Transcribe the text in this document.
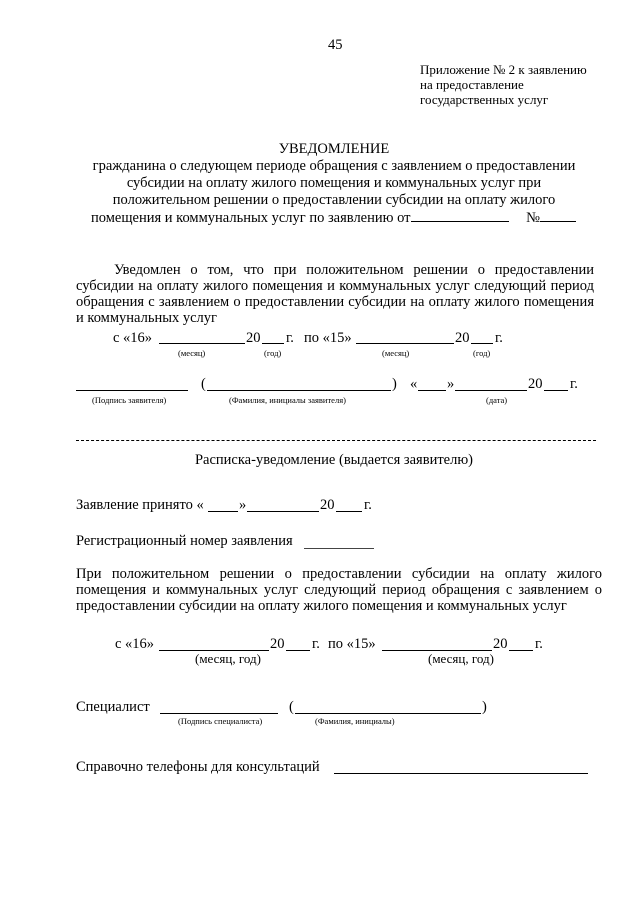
45
Приложение № 2 к заявлению
на предоставление
государственных услуг
УВЕДОМЛЕНИЕ
гражданина о следующем периоде обращения с заявлением о предоставлении
субсидии на оплату жилого помещения и коммунальных услуг при
положительном решении о предоставлении субсидии на оплату жилого
помещения и коммунальных услуг по заявлению от	№
Уведомлен о том, что при положительном решении о предоставлении субсидии на оплату жилого помещения и коммунальных услуг следующий период обращения с заявлением о предоставлении субсидии на оплату жилого помещения и коммунальных услуг
с «16»	20 г. по «15»	20 г.
(месяц)	(год)	(месяц)	(год)
(	) « »	20 г.
(Подпись заявителя)	(Фамилия, инициалы заявителя)	(дата)
Расписка-уведомление (выдается заявителю)
Заявление принято « »	20 г.
Регистрационный номер заявления
При положительном решении о предоставлении субсидии на оплату жилого помещения и коммунальных услуг следующий период обращения с заявлением о предоставлении субсидии на оплату жилого помещения и коммунальных услуг
с «16»	20 г. по «15»	20 г.
(месяц, год)	(месяц, год)
Специалист	(	)
(Подпись специалиста)	(Фамилия, инициалы)
Справочно телефоны для консультаций
